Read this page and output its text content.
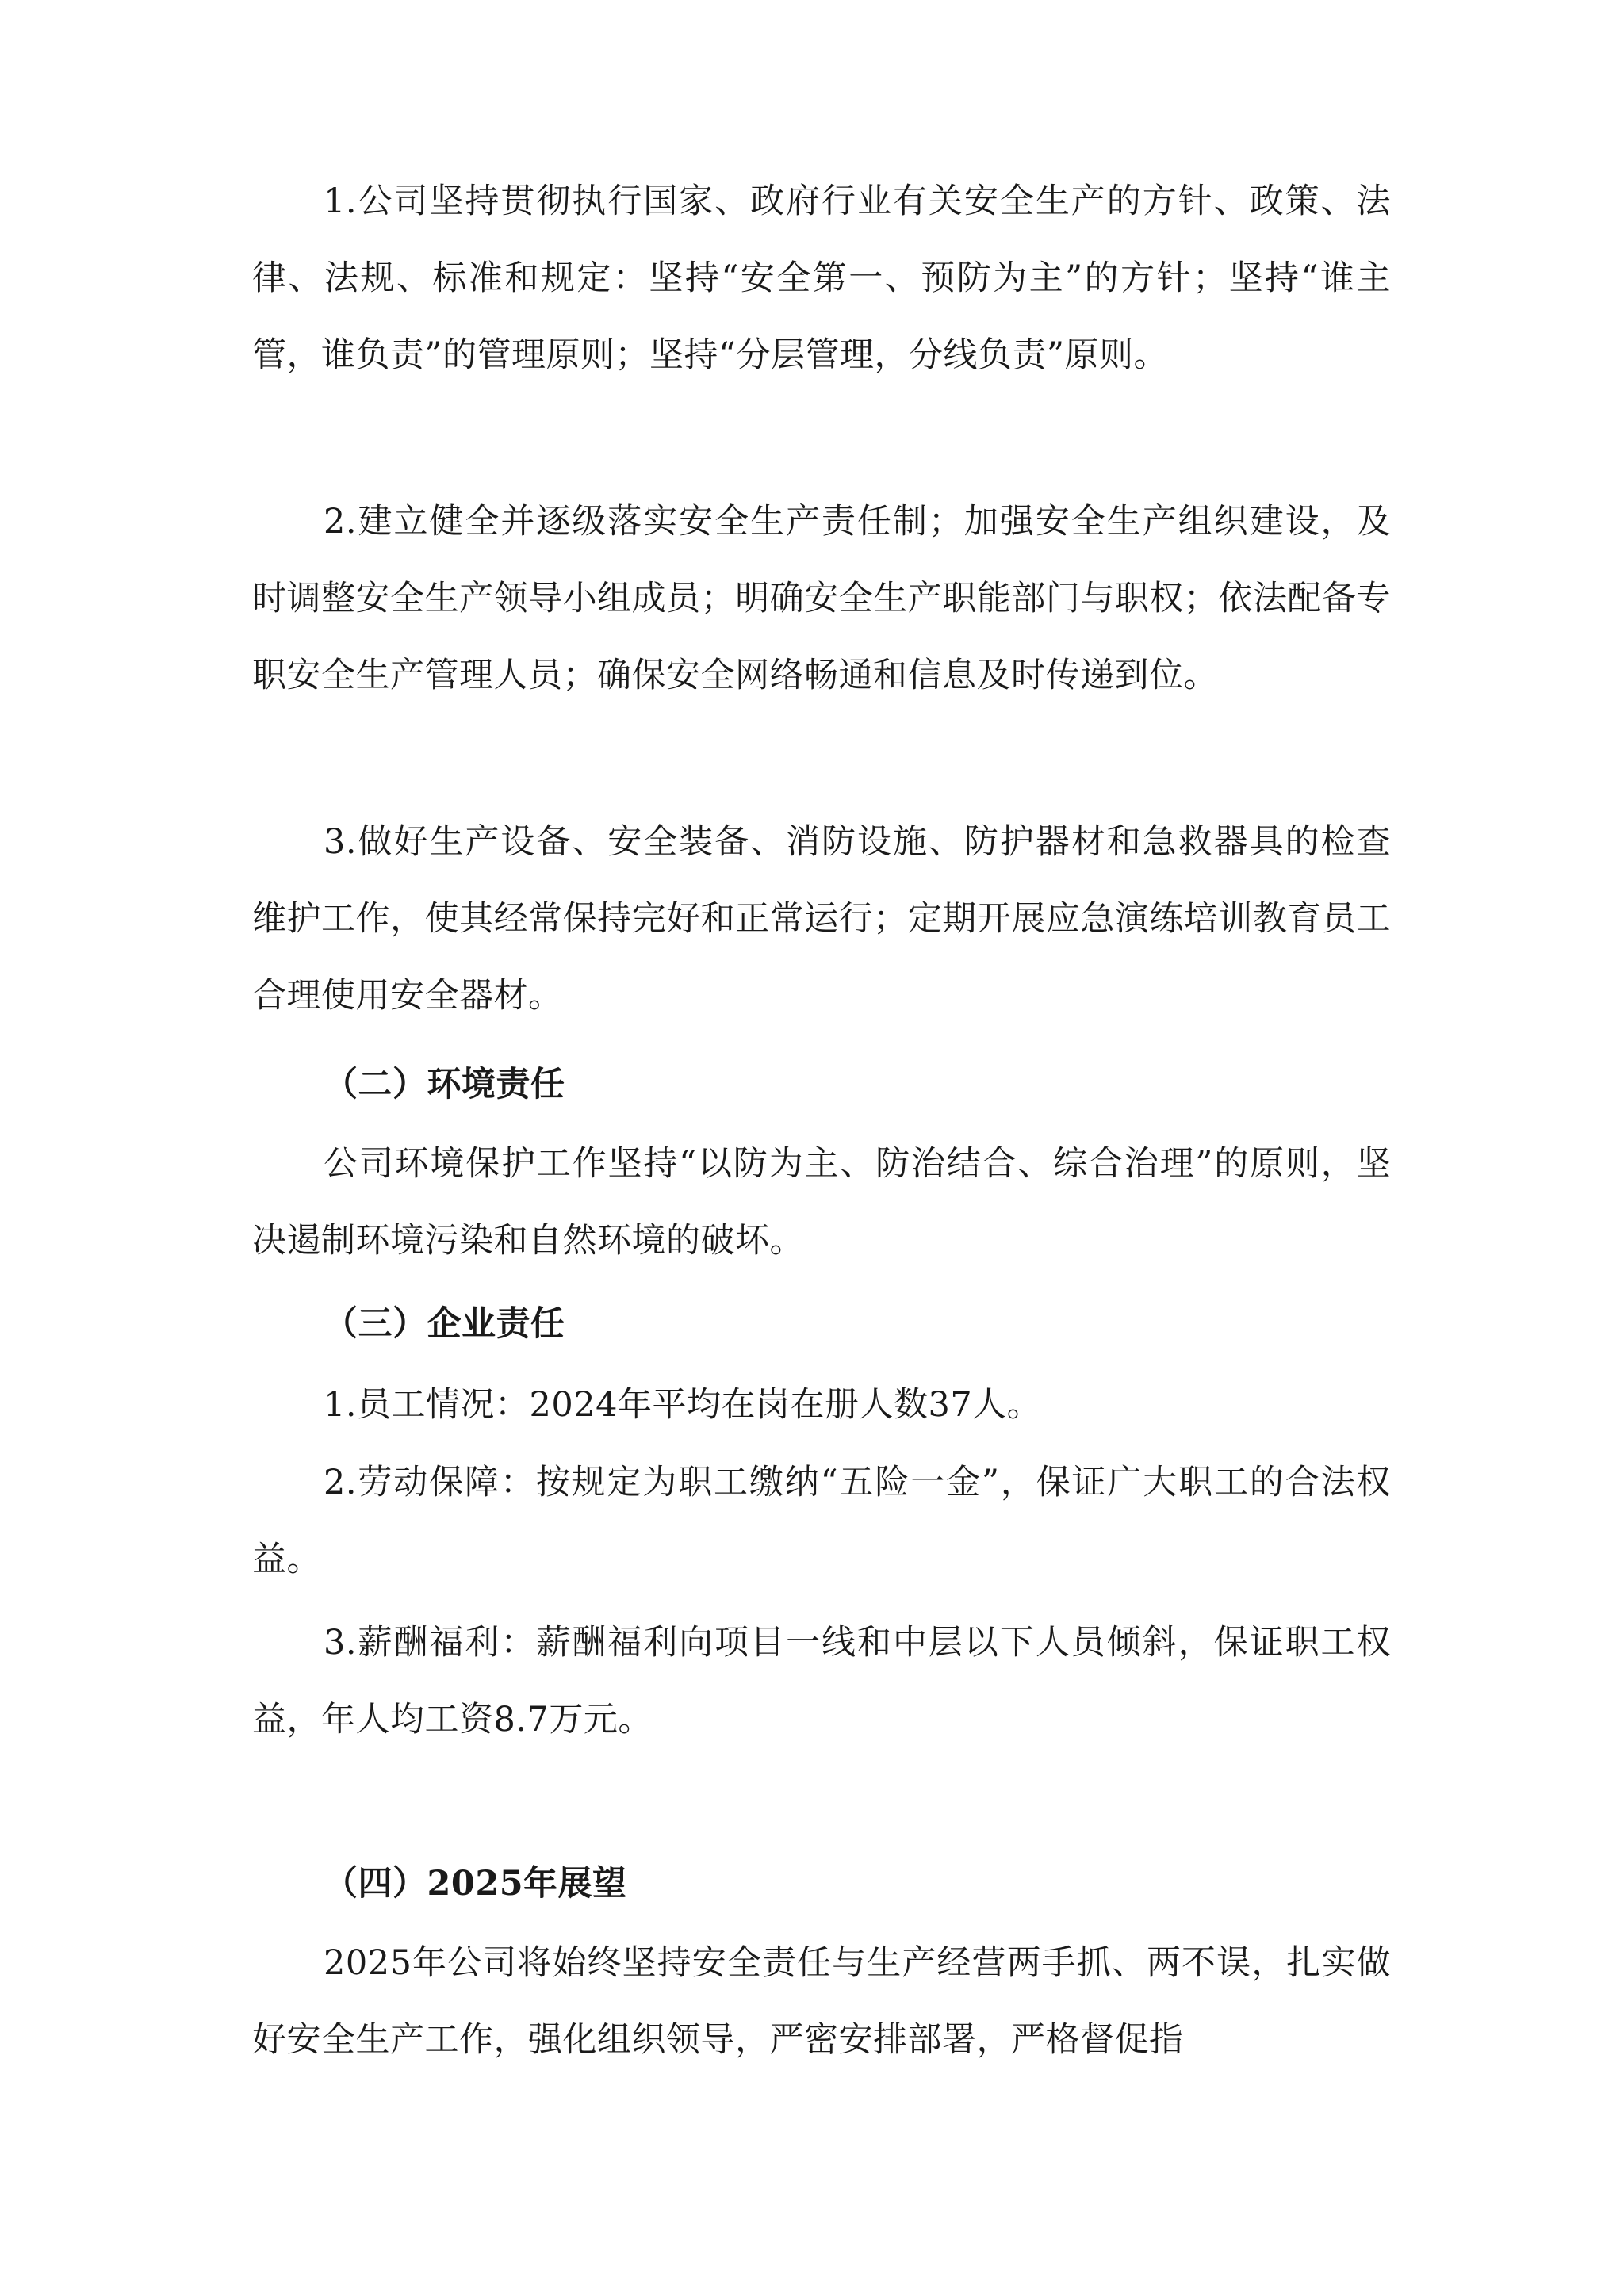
1.公司坚持贯彻执行国家、政府行业有关安全生产的方针、政策、法律、法规、标准和规定：坚持“安全第一、预防为主”的方针；坚持“谁主管，谁负责”的管理原则；坚持“分层管理，分线负责”原则。

2.建立健全并逐级落实安全生产责任制；加强安全生产组织建设，及时调整安全生产领导小组成员；明确安全生产职能部门与职权；依法配备专职安全生产管理人员；确保安全网络畅通和信息及时传递到位。

3.做好生产设备、安全装备、消防设施、防护器材和急救器具的检查维护工作，使其经常保持完好和正常运行；定期开展应急演练培训教育员工合理使用安全器材。

（二）环境责任

公司环境保护工作坚持“以防为主、防治结合、综合治理”的原则，坚决遏制环境污染和自然环境的破坏。

（三）企业责任

1.员工情况：2024年平均在岗在册人数37人。

2.劳动保障：按规定为职工缴纳“五险一金”，保证广大职工的合法权益。

3.薪酬福利：薪酬福利向项目一线和中层以下人员倾斜，保证职工权益，年人均工资8.7万元。

（四）2025年展望

2025年公司将始终坚持安全责任与生产经营两手抓、两不误，扎实做好安全生产工作，强化组织领导，严密安排部署，严格督促指
